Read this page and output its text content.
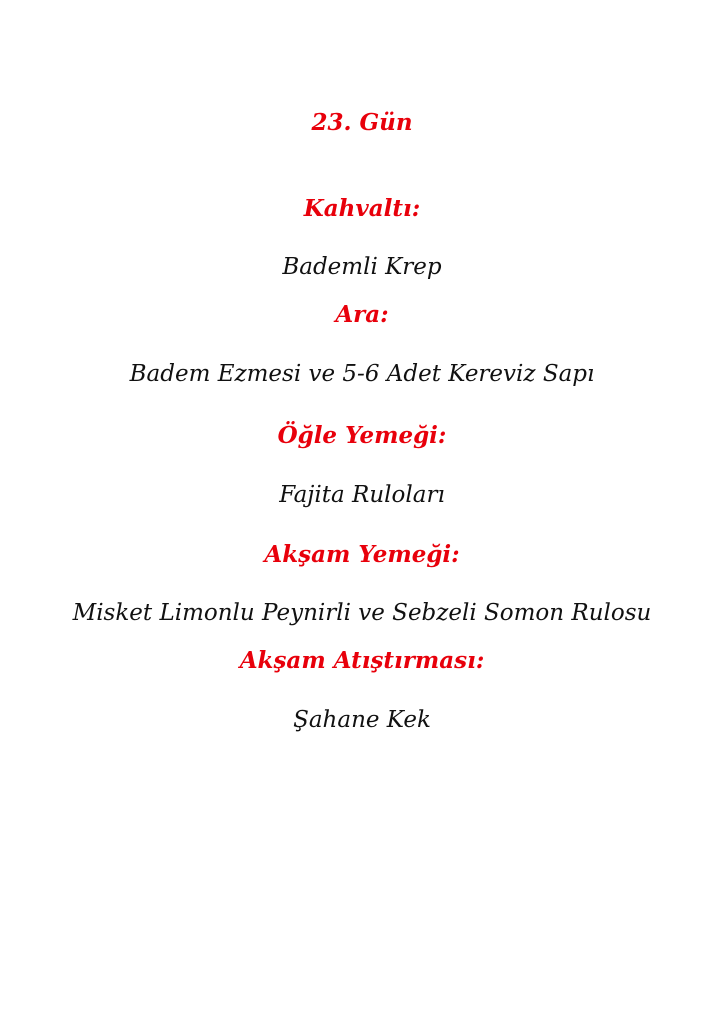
23. Gün
Kahvaltı:
Bademli Krep
Ara:
Badem Ezmesi ve 5-6 Adet Kereviz Sapı
Öğle Yemeği:
Fajita Ruloları
Akşam Yemeği:
Misket Limonlu Peynirli ve Sebzeli Somon Rulosu
Akşam Atıştırması:
Şahane Kek
